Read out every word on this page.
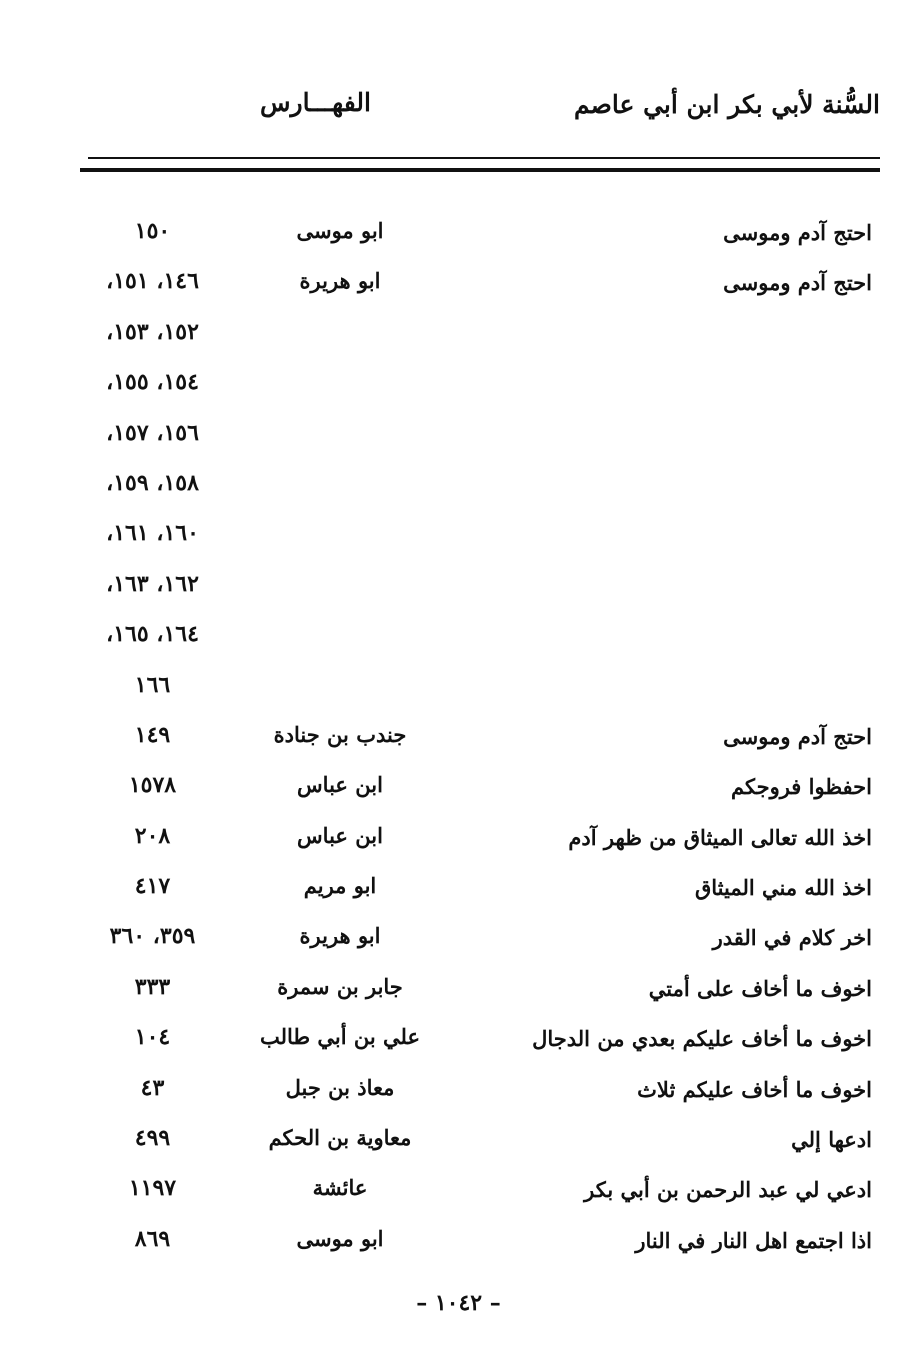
السُّنة لأبي بكر ابن أبي عاصم
الفهـــارس
احتج آدم وموسى
ابو موسى
١٥٠
احتج آدم وموسى
ابو هريرة
١٤٦، ١٥١،
١٥٢، ١٥٣،
١٥٤، ١٥٥،
١٥٦، ١٥٧،
١٥٨، ١٥٩،
١٦٠، ١٦١،
١٦٢، ١٦٣،
١٦٤، ١٦٥،
١٦٦
احتج آدم وموسى
جندب بن جنادة
١٤٩
احفظوا فروجكم
ابن عباس
١٥٧٨
اخذ الله تعالى الميثاق من ظهر آدم
ابن عباس
٢٠٨
اخذ الله مني الميثاق
ابو مريم
٤١٧
اخر كلام في القدر
ابو هريرة
٣٥٩، ٣٦٠
اخوف ما أخاف على أمتي
جابر بن سمرة
٣٣٣
اخوف ما أخاف عليكم بعدي من الدجال
علي بن أبي طالب
١٠٤
اخوف ما أخاف عليكم ثلاث
معاذ بن جبل
٤٣
ادعها إلي
معاوية بن الحكم
٤٩٩
ادعي لي عبد الرحمن بن أبي بكر
عائشة
١١٩٧
اذا اجتمع اهل النار في النار
ابو موسى
٨٦٩
– ١٠٤٢ –
